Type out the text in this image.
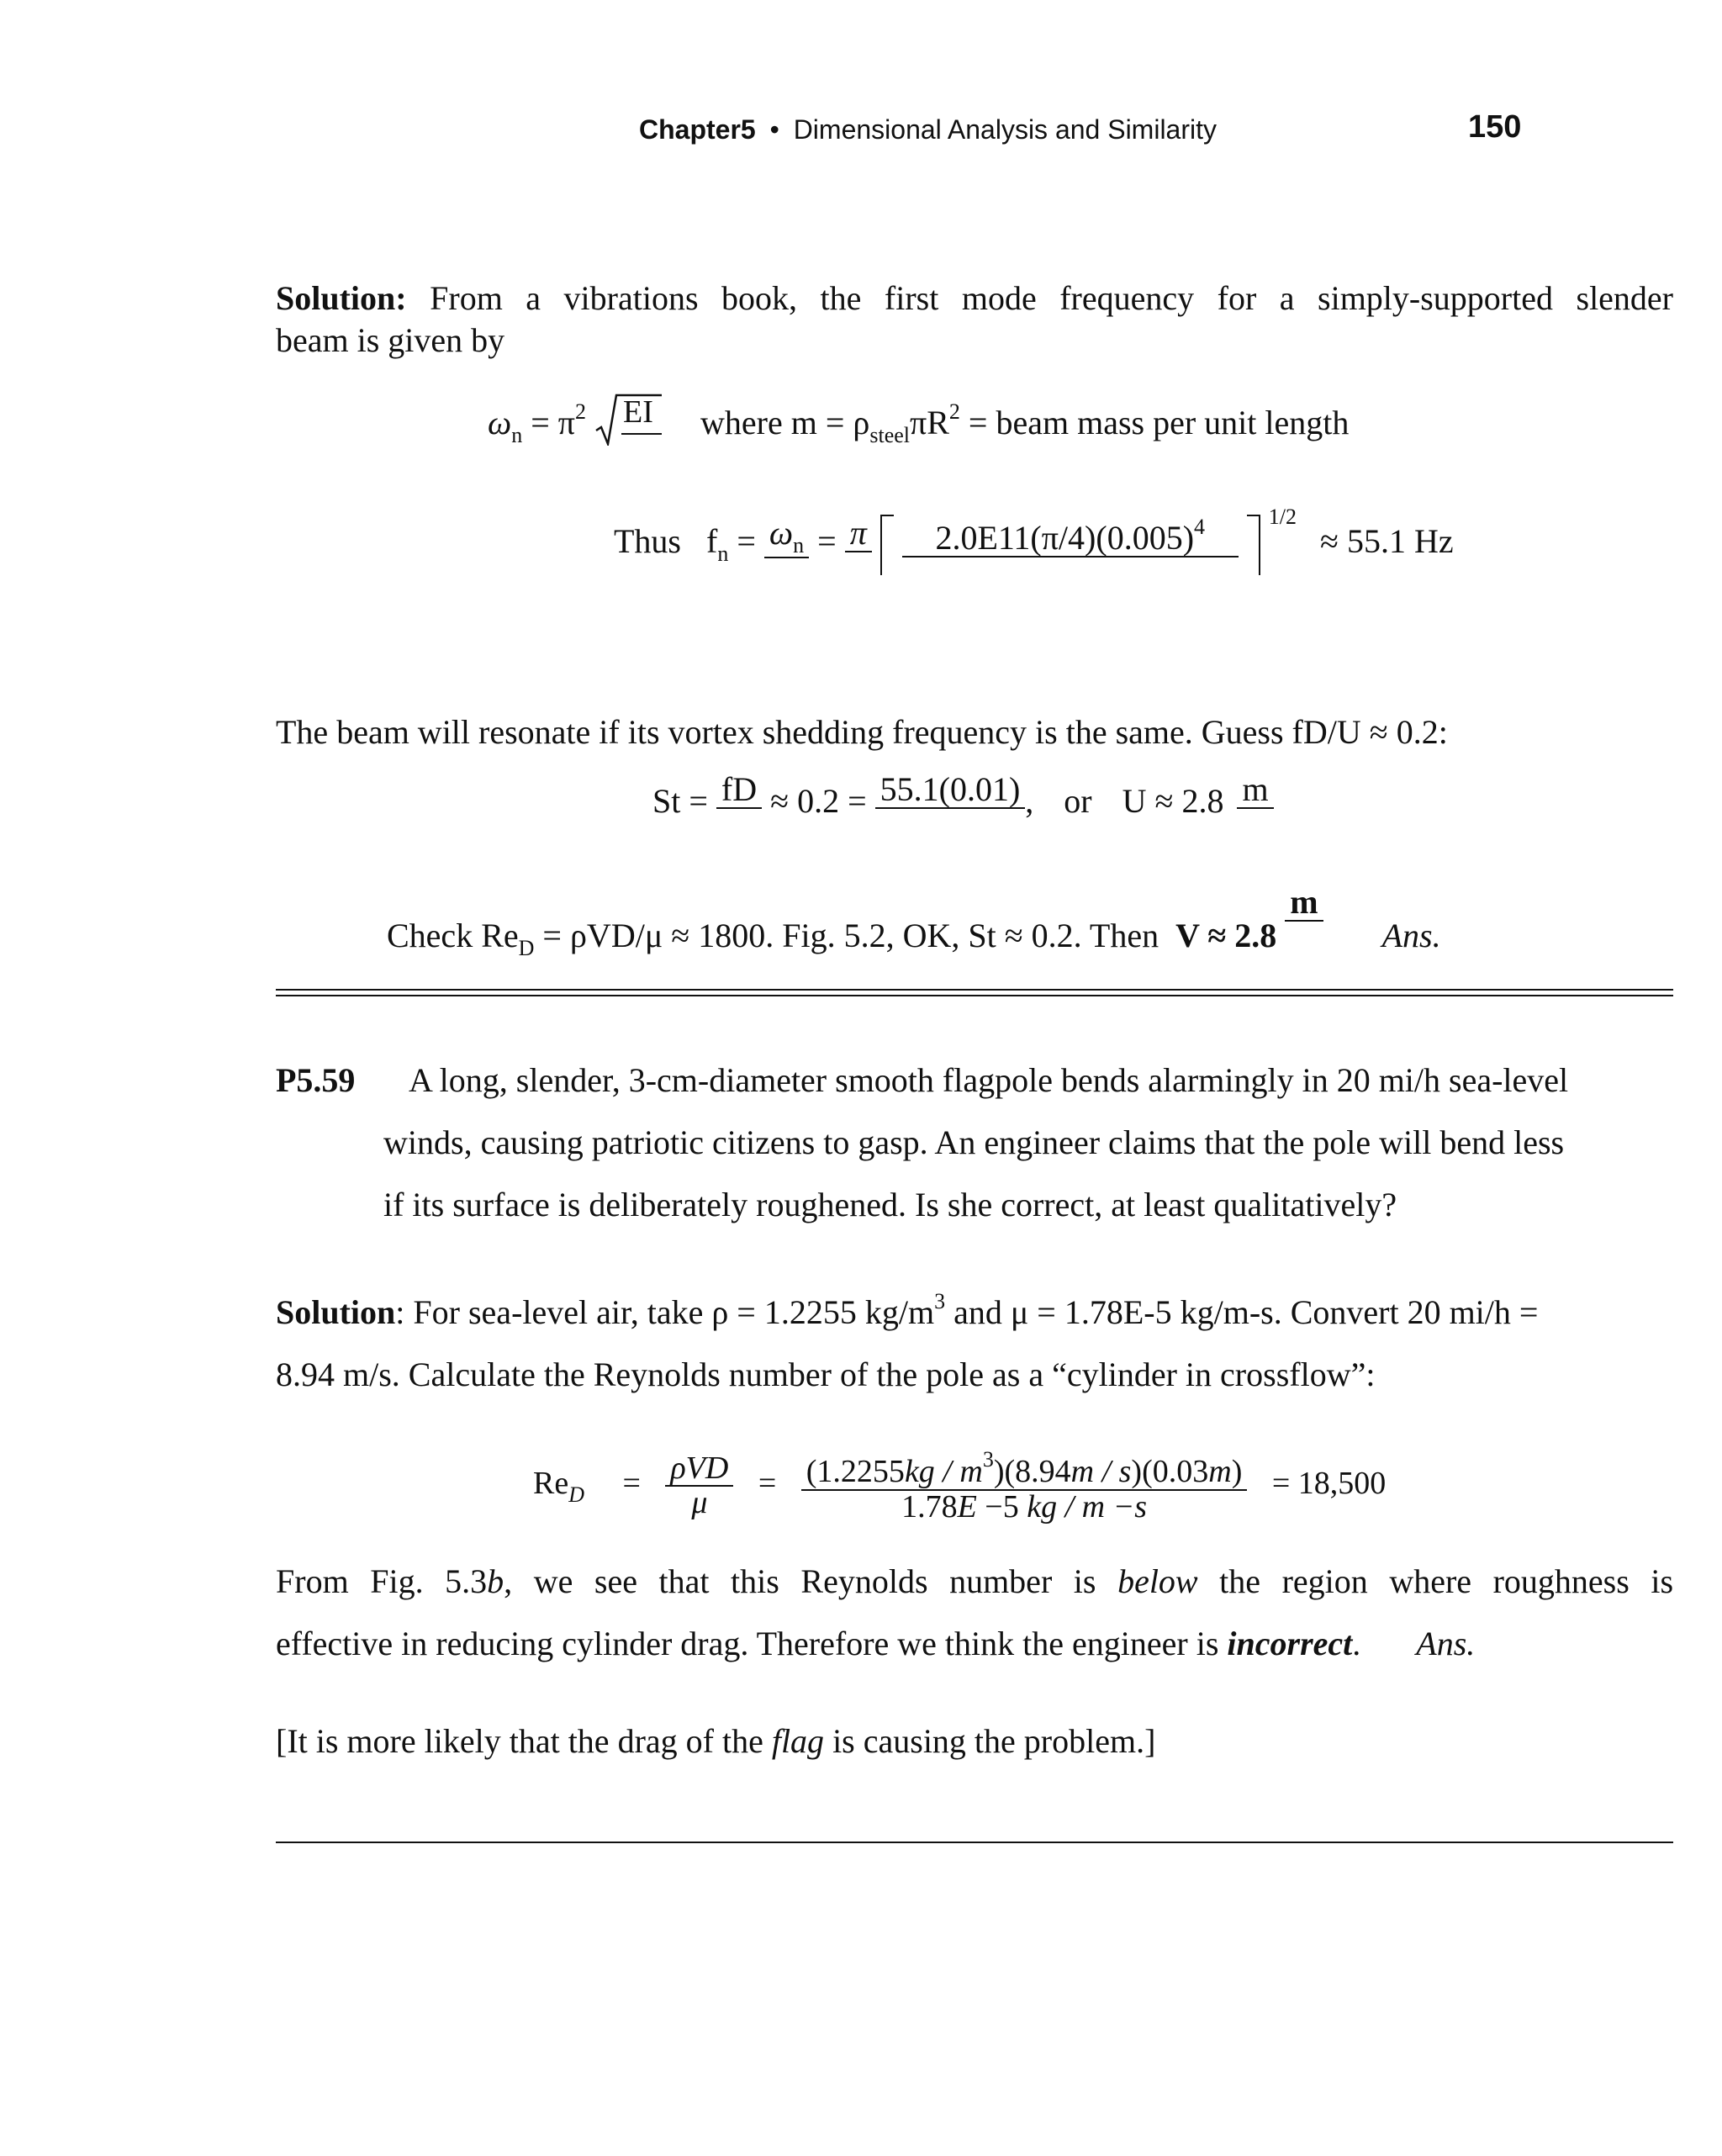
Chapter5 • Dimensional Analysis and Similarity	150
Solution: From a vibrations book, the first mode frequency for a simply-supported slender
beam is given by
$\omega_n = \pi^2$ EI where $m = \rho_{steel}\pi R^2$ = beam mass per unit length
Thus $f_n = \omega_n = \pi$
	$2.0E11(\pi/4)(0.005)^4$	$^{1/2}$ ≈ 55.1 Hz
The beam will resonate if its vortex shedding frequency is the same. Guess fD/U ≈ 0.2:
St = fD ≈ 0.2 = 55.1(0.01) , or U ≈ 2.8 m
Check $Re_D = \rho VD/\mu \approx 1800$. Fig. 5.2, OK, St ≈ 0.2. Then V ≈ 2.8
m
Ans.
P5.59 A long, slender, 3-cm-diameter smooth flagpole bends alarmingly in 20 mi/h sea-level
winds, causing patriotic citizens to gasp. An engineer claims that the pole will bend less
if its surface is deliberately roughened. Is she correct, at least qualitatively?
Solution: For sea-level air, take ρ = 1.2255 $kg/m^3$ and μ = 1.78E-5 kg/m-s. Convert 20 mi/h =
8.94 m/s. Calculate the Reynolds number of the pole as a “cylinder in crossflow”:
$Re_D = \frac{\text{ρVD}}{\mu} = \frac{(1.2255kg / m^3)(8.94m / s)(0.03m)}{1.78E -5 kg / m -s} = 18,500$
From Fig. 5.3b, we see that this Reynolds number is below the region where roughness is
effective in reducing cylinder drag. Therefore we think the engineer is incorrect. Ans.
[It is more likely that the drag of the flag is causing the problem.]
